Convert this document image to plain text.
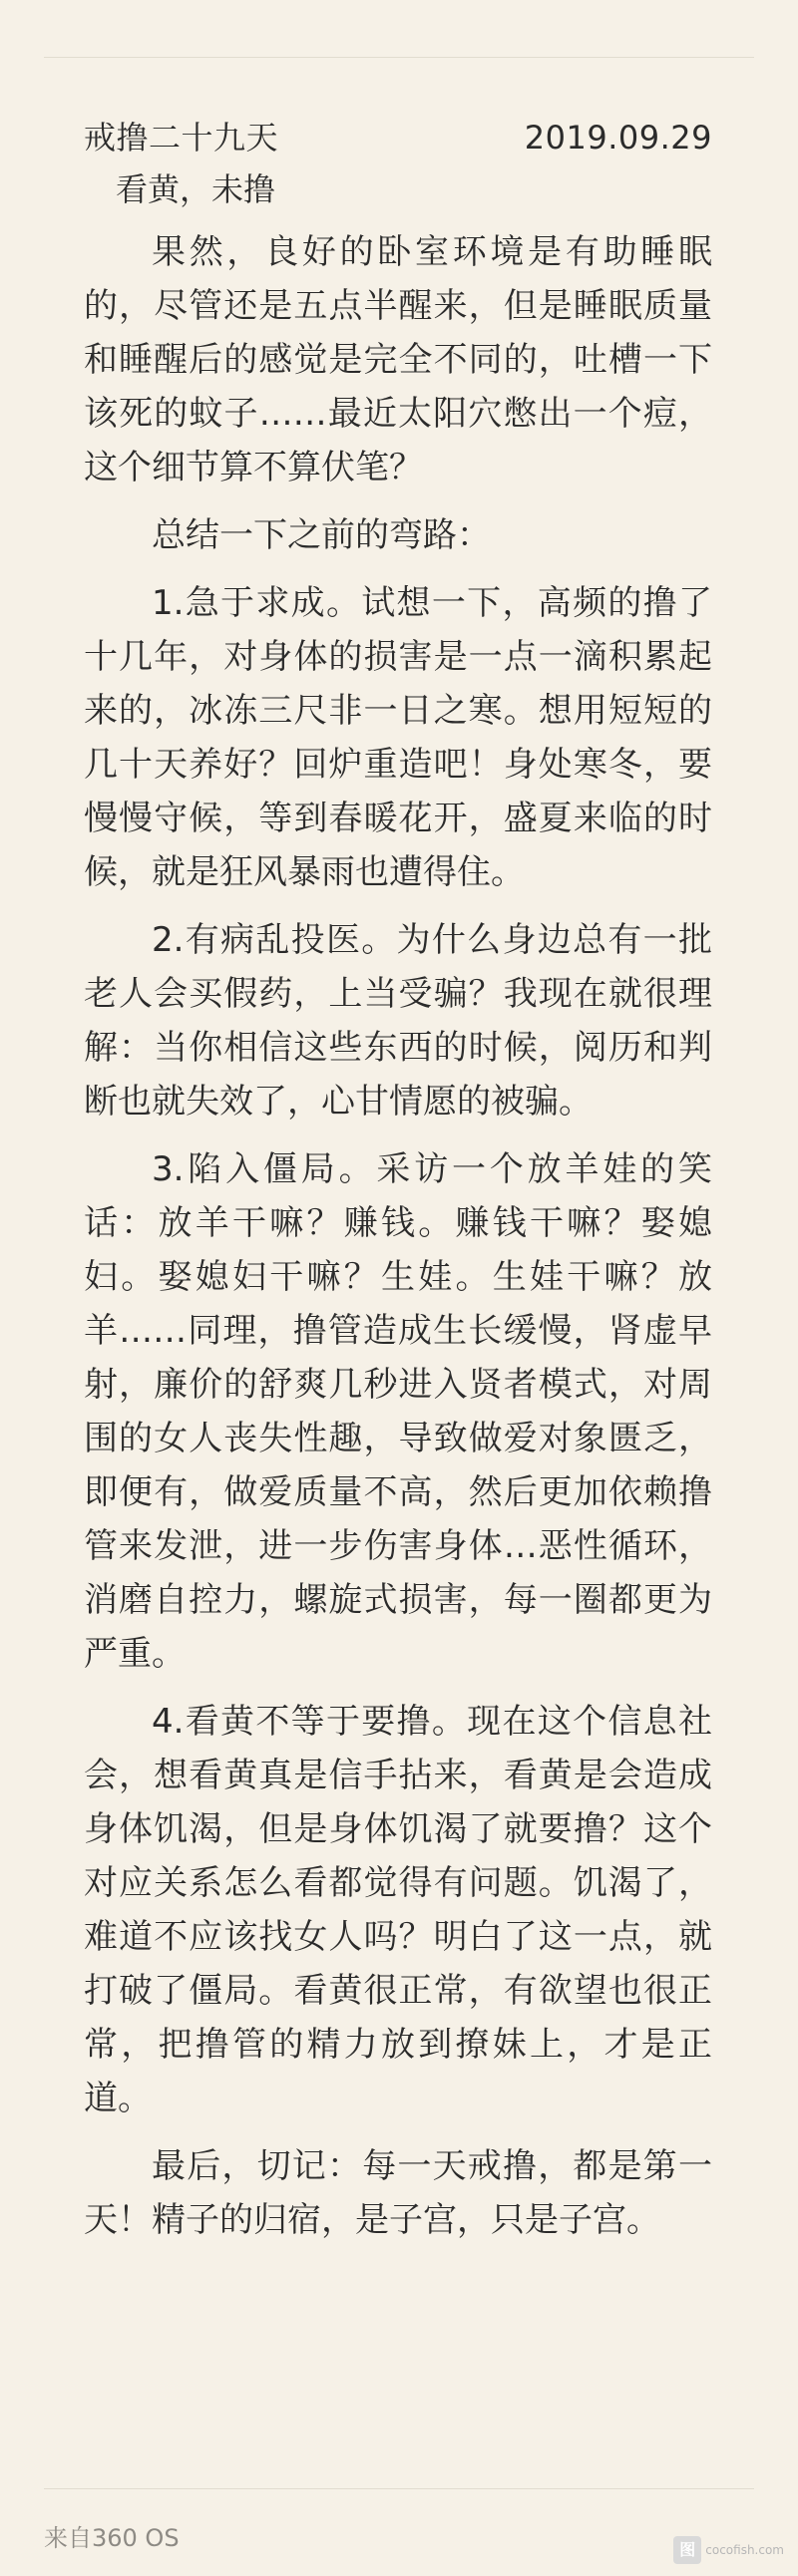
戒撸二十九天	2019.09.29
看黄，未撸

果然，良好的卧室环境是有助睡眠的，尽管还是五点半醒来，但是睡眠质量和睡醒后的感觉是完全不同的，吐槽一下该死的蚊子……最近太阳穴憋出一个痘，这个细节算不算伏笔？

总结一下之前的弯路：

1.急于求成。试想一下，高频的撸了十几年，对身体的损害是一点一滴积累起来的，冰冻三尺非一日之寒。想用短短的几十天养好？回炉重造吧！身处寒冬，要慢慢守候，等到春暖花开，盛夏来临的时候，就是狂风暴雨也遭得住。

2.有病乱投医。为什么身边总有一批老人会买假药，上当受骗？我现在就很理解：当你相信这些东西的时候，阅历和判断也就失效了，心甘情愿的被骗。

3.陷入僵局。采访一个放羊娃的笑话：放羊干嘛？赚钱。赚钱干嘛？娶媳妇。娶媳妇干嘛？生娃。生娃干嘛？放羊……同理，撸管造成生长缓慢，肾虚早射，廉价的舒爽几秒进入贤者模式，对周围的女人丧失性趣，导致做爱对象匮乏，即便有，做爱质量不高，然后更加依赖撸管来发泄，进一步伤害身体…恶性循环，消磨自控力，螺旋式损害，每一圈都更为严重。

4.看黄不等于要撸。现在这个信息社会，想看黄真是信手拈来，看黄是会造成身体饥渴，但是身体饥渴了就要撸？这个对应关系怎么看都觉得有问题。饥渴了，难道不应该找女人吗？明白了这一点，就打破了僵局。看黄很正常，有欲望也很正常，把撸管的精力放到撩妹上，才是正道。

最后，切记：每一天戒撸，都是第一天！精子的归宿，是子宫，只是子宫。

来自360 OS	图 cocofish.com
